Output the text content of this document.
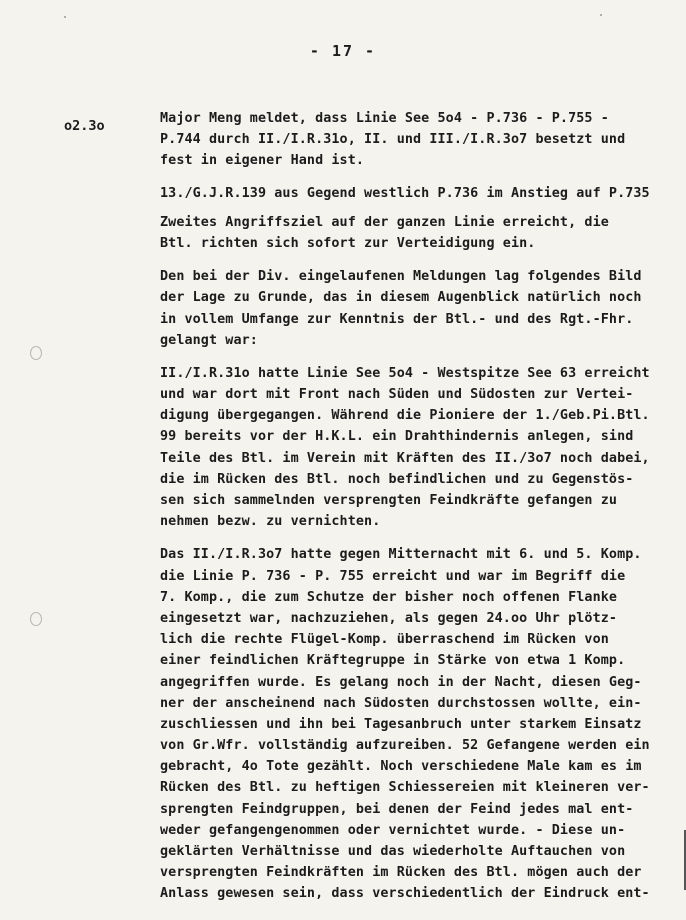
- 17 -
o2.3o	Major Meng meldet, dass Linie See 5o4 - P.736 - P.755 -
P.744 durch II./I.R.31o, II. und III./I.R.3o7 besetzt und
fest in eigener Hand ist.
13./G.J.R.139 aus Gegend westlich P.736 im Anstieg auf P.735
Zweites Angriffsziel auf der ganzen Linie erreicht, die
Btl. richten sich sofort zur Verteidigung ein.
Den bei der Div. eingelaufenen Meldungen lag folgendes Bild
der Lage zu Grunde, das in diesem Augenblick natürlich noch
in vollem Umfange zur Kenntnis der Btl.- und des Rgt.-Fhr.
gelangt war:
II./I.R.31o hatte Linie See 5o4 - Westspitze See 63 erreicht
und war dort mit Front nach Süden und Südosten zur Vertei-
digung übergegangen. Während die Pioniere der 1./Geb.Pi.Btl.
99 bereits vor der H.K.L. ein Drahthindernis anlegen, sind
Teile des Btl. im Verein mit Kräften des II./3o7 noch dabei,
die im Rücken des Btl. noch befindlichen und zu Gegenstös-
sen sich sammelnden versprengten Feindkräfte gefangen zu
nehmen bezw. zu vernichten.
Das II./I.R.3o7 hatte gegen Mitternacht mit 6. und 5. Komp.
die Linie P. 736 - P. 755 erreicht und war im Begriff die
7. Komp., die zum Schutze der bisher noch offenen Flanke
eingesetzt war, nachzuziehen, als gegen 24.oo Uhr plötz-
lich die rechte Flügel-Komp. überraschend im Rücken von
einer feindlichen Kräftegruppe in Stärke von etwa 1 Komp.
angegriffen wurde. Es gelang noch in der Nacht, diesen Geg-
ner der anscheinend nach Südosten durchstossen wollte, ein-
zuschliessen und ihn bei Tagesanbruch unter starkem Einsatz
von Gr.Wfr. vollständig aufzureiben. 52 Gefangene werden ein
gebracht, 4o Tote gezählt. Noch verschiedene Male kam es im
Rücken des Btl. zu heftigen Schiessereien mit kleineren ver-
sprengten Feindgruppen, bei denen der Feind jedes mal ent-
weder gefangengenommen oder vernichtet wurde. - Diese un-
geklärten Verhältnisse und das wiederholte Auftauchen von
versprengten Feindkräften im Rücken des Btl. mögen auch der
Anlass gewesen sein, dass verschiedentlich der Eindruck ent-
